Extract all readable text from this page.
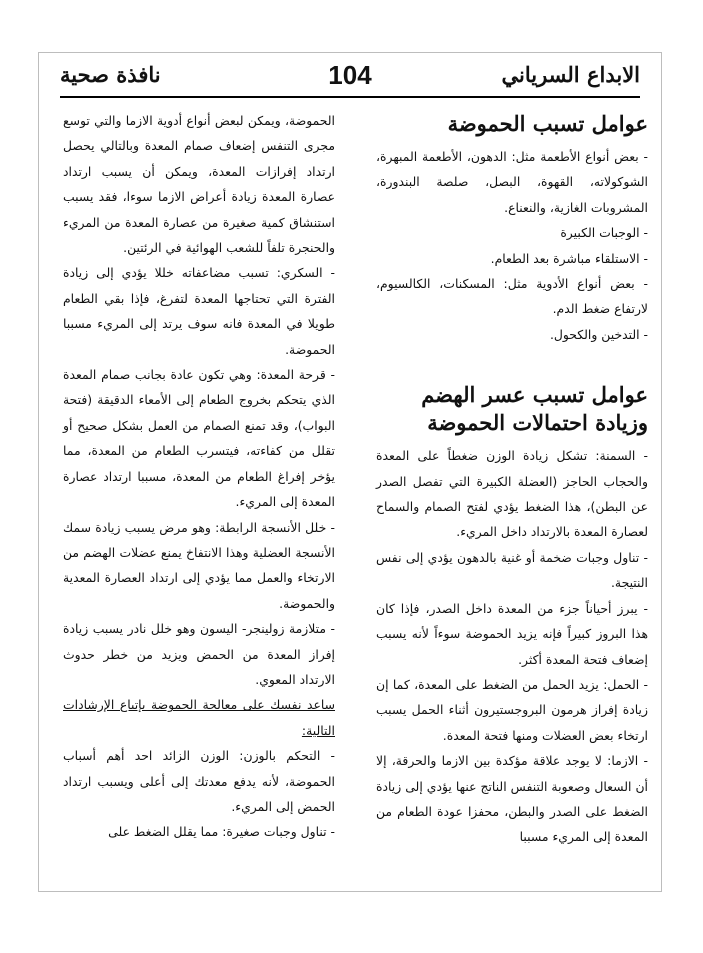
الابداع السرياني
104
نافذة صحية
عوامل تسبب الحموضة

- بعض أنواع الأطعمة مثل: الدهون، الأطعمة المبهرة، الشوكولاته، القهوة، البصل، صلصة البندورة، المشروبات الغازية، والنعناع.

- الوجبات الكبيرة

- الاستلقاء مباشرة بعد الطعام.

- بعض أنواع الأدوية مثل: المسكنات، الكالسيوم، لارتفاع ضغط الدم.

- التدخين والكحول.

عوامل تسبب عسر الهضم
وزيادة احتمالات الحموضة

- السمنة: تشكل زيادة الوزن ضغطاً على المعدة والحجاب الحاجز (العضلة الكبيرة التي تفصل الصدر عن البطن)، هذا الضغط يؤدي لفتح الصمام والسماح لعصارة المعدة بالارتداد داخل المريء.

- تناول وجبات ضخمة أو غنية بالدهون يؤدي إلى نفس النتيجة.

- يبرز أحياناً جزء من المعدة داخل الصدر، فإذا كان هذا البروز كبيراً فإنه يزيد الحموضة سوءاً لأنه يسبب إضعاف فتحة المعدة أكثر.

- الحمل: يزيد الحمل من الضغط على المعدة، كما إن زيادة إفراز هرمون البروجستيرون أثناء الحمل يسبب ارتخاء بعض العضلات ومنها فتحة المعدة.

- الازما: لا يوجد علاقة مؤكدة بين الازما والحرقة، إلا أن السعال وصعوبة التنفس الناتج عنها يؤدي إلى زيادة الضغط على الصدر والبطن، محفزا عودة الطعام من المعدة إلى المريء مسببا

الحموضة، ويمكن لبعض أنواع أدوية الازما والتي توسع مجرى التنفس إضعاف صمام المعدة وبالتالي يحصل ارتداد إفرازات المعدة، ويمكن أن يسبب ارتداد عصارة المعدة زيادة أعراض الازما سوءا، فقد يسبب استنشاق كمية صغيرة من عصارة المعدة من المريء والحنجرة تلفاً للشعب الهوائية في الرئتين.

- السكري: تسبب مضاعفاته خللا يؤدي إلى زيادة الفترة التي تحتاجها المعدة لتفرغ، فإذا بقي الطعام طويلا في المعدة فانه سوف يرتد إلى المريء مسببا الحموضة.

- قرحة المعدة: وهي تكون عادة بجانب صمام المعدة الذي يتحكم بخروج الطعام إلى الأمعاء الدقيقة (فتحة البواب)، وقد تمنع الصمام من العمل بشكل صحيح أو تقلل من كفاءته، فيتسرب الطعام من المعدة، مما يؤخر إفراغ الطعام من المعدة، مسببا ارتداد عصارة المعدة إلى المريء.

- خلل الأنسجة الرابطة: وهو مرض يسبب زيادة سمك الأنسجة العضلية وهذا الانتفاخ يمنع عضلات الهضم من الارتخاء والعمل مما يؤدي إلى ارتداد العصارة المعدية والحموضة.

- متلازمة زولينجر- اليسون وهو خلل نادر يسبب زيادة إفراز المعدة من الحمض ويزيد من خطر حدوث الارتداد المعوي.

ساعد نفسك على معالجة الحموضة بإتباع الإرشادات التالية:

- التحكم بالوزن: الوزن الزائد احد أهم أسباب الحموضة، لأنه يدفع معدتك إلى أعلى ويسبب ارتداد الحمض إلى المريء.

- تناول وجبات صغيرة: مما يقلل الضغط على
